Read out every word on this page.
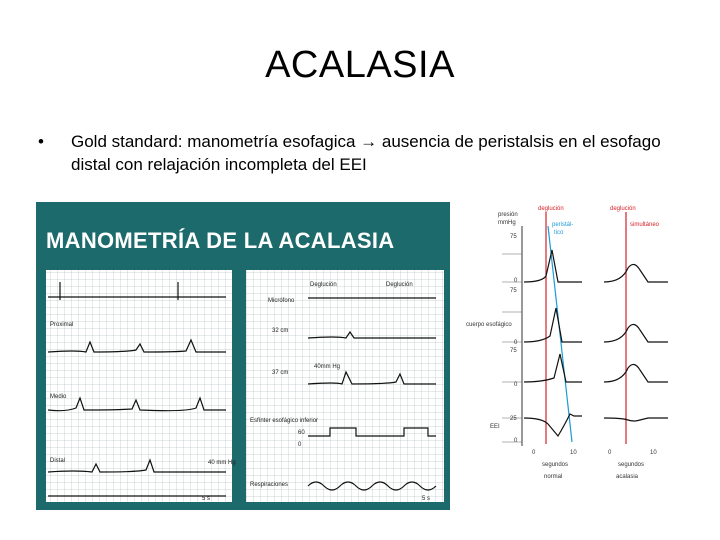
ACALASIA
• Gold standard: manometría esofagica → ausencia de peristalsis en el esofago distal con relajación incompleta del EEI
MANOMETRÍA DE LA ACALASIA
Proximal
Medio
Distal	40 mm Hg
5 s
Deglución	Deglución
Micrófono
32 cm
37 cm
40mm Hg
Esfínter esofágico inferior
60
0
Respiraciones
5 s
presión
mmHg
deglución	deglución
peristál-
tico
simultáneo
75
0
75
0
75
0
25
0
cuerpo esofágico
EEI
0	10	0	10
segundos	segundos
normal	acalasia
